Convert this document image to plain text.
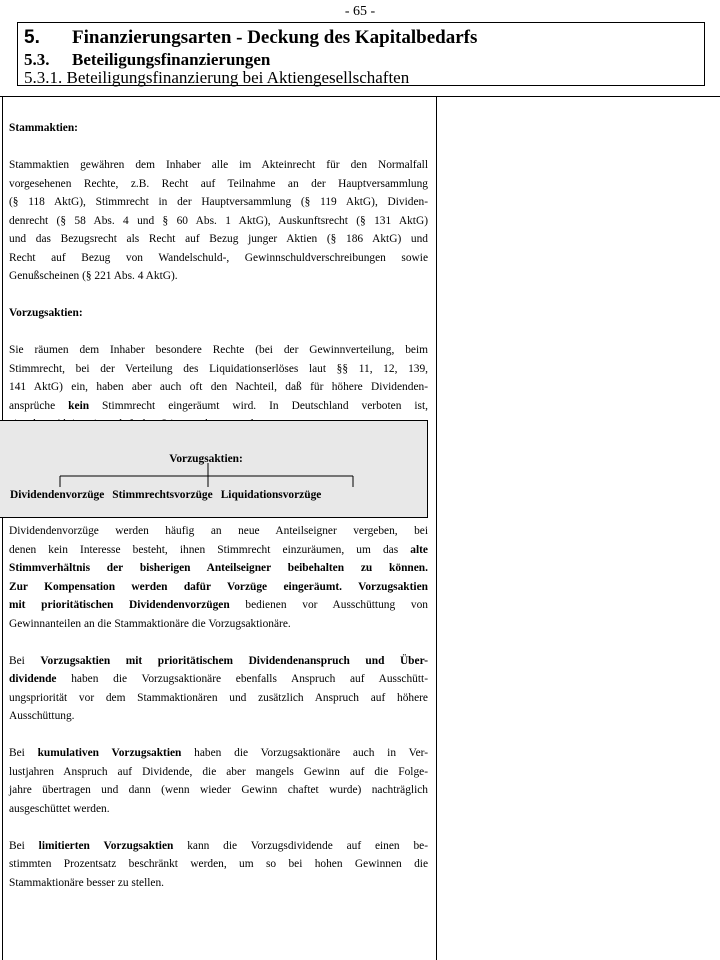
- 65 -
5. Finanzierungsarten - Deckung des Kapitalbedarfs
5.3. Beteiligungsfinanzierungen
5.3.1. Beteiligungsfinanzierung bei Aktiengesellschaften

Stammaktien:

Stammaktien gewähren dem Inhaber alle im Akteinrecht für den Normalfall

vorgesehenen Rechte, z.B. Recht auf Teilnahme an der Hauptversammlung

(§ 118 AktG), Stimmrecht in der Hauptversammlung (§ 119 AktG), Dividen-

denrecht (§ 58 Abs. 4 und § 60 Abs. 1 AktG), Auskunftsrecht (§ 131 AktG)

und das Bezugsrecht als Recht auf Bezug junger Aktien (§ 186 AktG) und

Recht auf Bezug von Wandelschuld-, Gewinnschuldverschreibungen sowie

Genußscheinen (§ 221 Abs. 4 AktG).

Vorzugsaktien:

Sie räumen dem Inhaber besondere Rechte (bei der Gewinnverteilung, beim

Stimmrecht, bei der Verteilung des Liquidationserlöses laut §§ 11, 12, 139,

141 AktG) ein, haben aber auch oft den Nachteil, daß für höhere Dividenden-

ansprüche kein Stimmrecht eingeräumt wird. In Deutschland verboten ist,

Vorzugsaktien:
Dividendenvorzüge Stimmrechtsvorzüge Liquidationsvorzüge

Dividendenvorzüge werden häufig an neue Anteilseigner vergeben, bei

denen kein Interesse besteht, ihnen Stimmrecht einzuräumen, um das alte

Stimmverhältnis der bisherigen Anteilseigner beibehalten zu können.

Zur Kompensation werden dafür Vorzüge eingeräumt. Vorzugsaktien

mit prioritätischen Dividendenvorzügen bedienen vor Ausschüttung von

Gewinnanteilen an die Stammaktionäre die Vorzugsaktionäre.

Bei Vorzugsaktien mit prioritätischem Dividendenanspruch und Über-

dividende haben die Vorzugsaktionäre ebenfalls Anspruch auf Ausschütt-

ungspriorität vor dem Stammaktionären und zusätzlich Anspruch auf höhere

Ausschüttung.

Bei kumulativen Vorzugsaktien haben die Vorzugsaktionäre auch in Ver-

lustjahren Anspruch auf Dividende, die aber mangels Gewinn auf die Folge-

jahre übertragen und dann (wenn wieder Gewinn chaftet wurde) nachträglich

ausgeschüttet werden.

Bei limitierten Vorzugsaktien kann die Vorzugsdividende auf einen be-

stimmten Prozentsatz beschränkt werden, um so bei hohen Gewinnen die

Stammaktionäre besser zu stellen.
